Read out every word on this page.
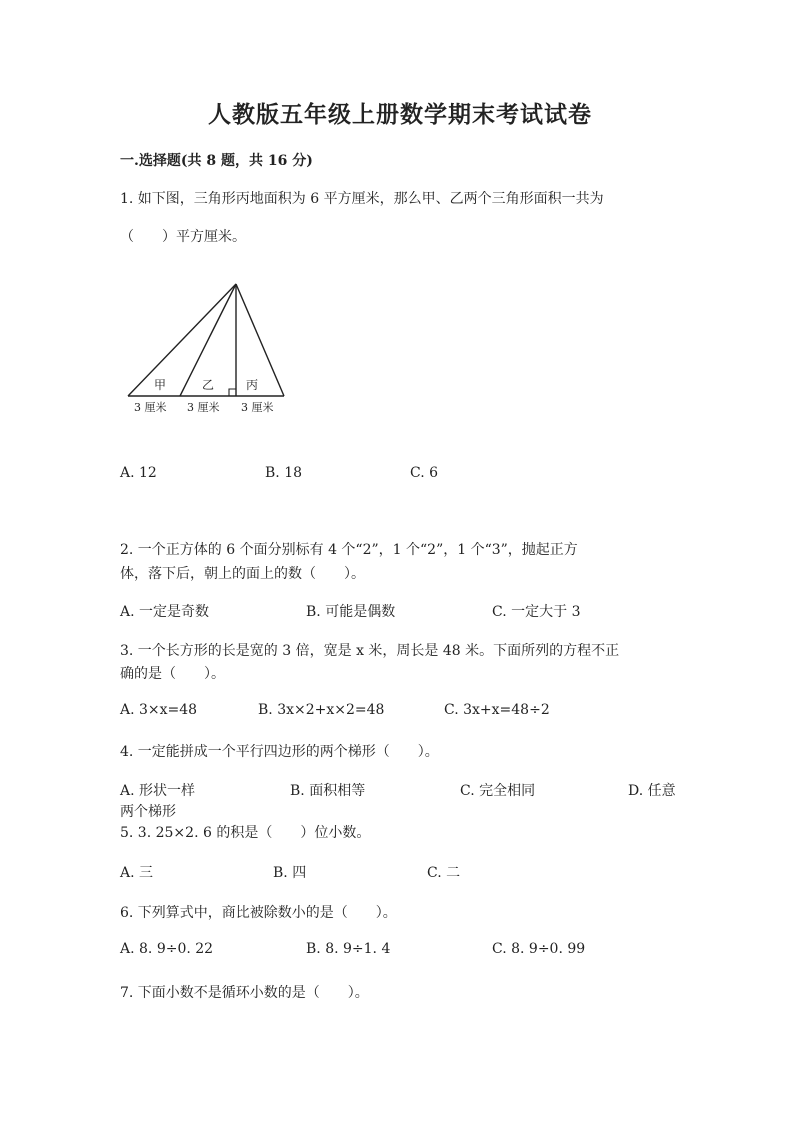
人教版五年级上册数学期末考试试卷
一.选择题(共 8 题，共 16 分)
1. 如下图，三角形丙地面积为 6 平方厘米，那么甲、乙两个三角形面积一共为
（　　）平方厘米。
甲	乙	丙
3 厘米 3 厘米 3 厘米
A. 12	B. 18	C. 6
2. 一个正方体的 6 个面分别标有 4 个“2”，1 个“2”，1 个“3”，抛起正方
体，落下后，朝上的面上的数（　　）。
A. 一定是奇数	B. 可能是偶数	C. 一定大于 3
3. 一个长方形的长是宽的 3 倍，宽是 x 米，周长是 48 米。下面所列的方程不正
确的是（　　）。
A. 3×x=48	B. 3x×2+x×2=48	C. 3x+x=48÷2
4. 一定能拼成一个平行四边形的两个梯形（　　）。
A. 形状一样	B. 面积相等	C. 完全相同	D. 任意
两个梯形
5. 3. 25×2. 6 的积是（　　）位小数。
A. 三	B. 四	C. 二
6. 下列算式中，商比被除数小的是（　　）。
A. 8. 9÷0. 22	B. 8. 9÷1. 4	C. 8. 9÷0. 99
7. 下面小数不是循环小数的是（　　）。
